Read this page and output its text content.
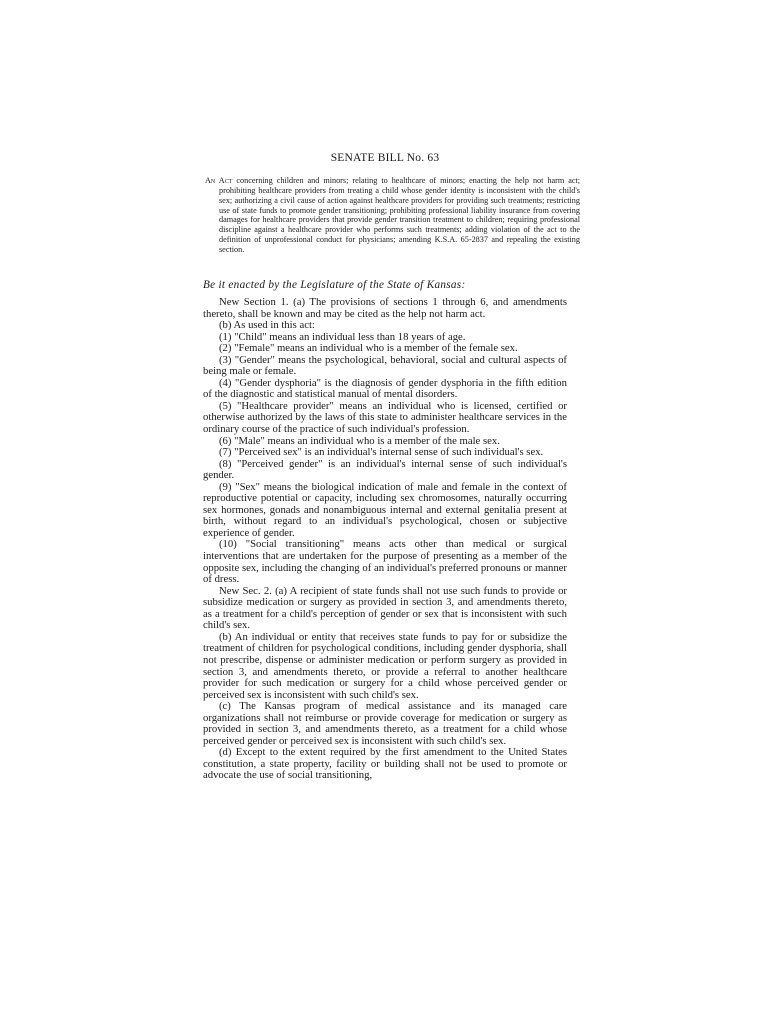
SENATE BILL No. 63
An Act concerning children and minors; relating to healthcare of minors; enacting the help not harm act; prohibiting healthcare providers from treating a child whose gender identity is inconsistent with the child's sex; authorizing a civil cause of action against healthcare providers for providing such treatments; restricting use of state funds to promote gender transitioning; prohibiting professional liability insurance from covering damages for healthcare providers that provide gender transition treatment to children; requiring professional discipline against a healthcare provider who performs such treatments; adding violation of the act to the definition of unprofessional conduct for physicians; amending K.S.A. 65-2837 and repealing the existing section.
Be it enacted by the Legislature of the State of Kansas:

New Section 1. (a) The provisions of sections 1 through 6, and amendments thereto, shall be known and may be cited as the help not harm act.

(b) As used in this act:

(1) "Child" means an individual less than 18 years of age.

(2) "Female" means an individual who is a member of the female sex.

(3) "Gender" means the psychological, behavioral, social and cultural aspects of being male or female.

(4) "Gender dysphoria" is the diagnosis of gender dysphoria in the fifth edition of the diagnostic and statistical manual of mental disorders.

(5) "Healthcare provider" means an individual who is licensed, certified or otherwise authorized by the laws of this state to administer healthcare services in the ordinary course of the practice of such individual's profession.

(6) "Male" means an individual who is a member of the male sex.

(7) "Perceived sex" is an individual's internal sense of such individual's sex.

(8) "Perceived gender" is an individual's internal sense of such individual's gender.

(9) "Sex" means the biological indication of male and female in the context of reproductive potential or capacity, including sex chromosomes, naturally occurring sex hormones, gonads and nonambiguous internal and external genitalia present at birth, without regard to an individual's psychological, chosen or subjective experience of gender.

(10) "Social transitioning" means acts other than medical or surgical interventions that are undertaken for the purpose of presenting as a member of the opposite sex, including the changing of an individual's preferred pronouns or manner of dress.

New Sec. 2. (a) A recipient of state funds shall not use such funds to provide or subsidize medication or surgery as provided in section 3, and amendments thereto, as a treatment for a child's perception of gender or sex that is inconsistent with such child's sex.

(b) An individual or entity that receives state funds to pay for or subsidize the treatment of children for psychological conditions, including gender dysphoria, shall not prescribe, dispense or administer medication or perform surgery as provided in section 3, and amendments thereto, or provide a referral to another healthcare provider for such medication or surgery for a child whose perceived gender or perceived sex is inconsistent with such child's sex.

(c) The Kansas program of medical assistance and its managed care organizations shall not reimburse or provide coverage for medication or surgery as provided in section 3, and amendments thereto, as a treatment for a child whose perceived gender or perceived sex is inconsistent with such child's sex.

(d) Except to the extent required by the first amendment to the United States constitution, a state property, facility or building shall not be used to promote or advocate the use of social transitioning,
